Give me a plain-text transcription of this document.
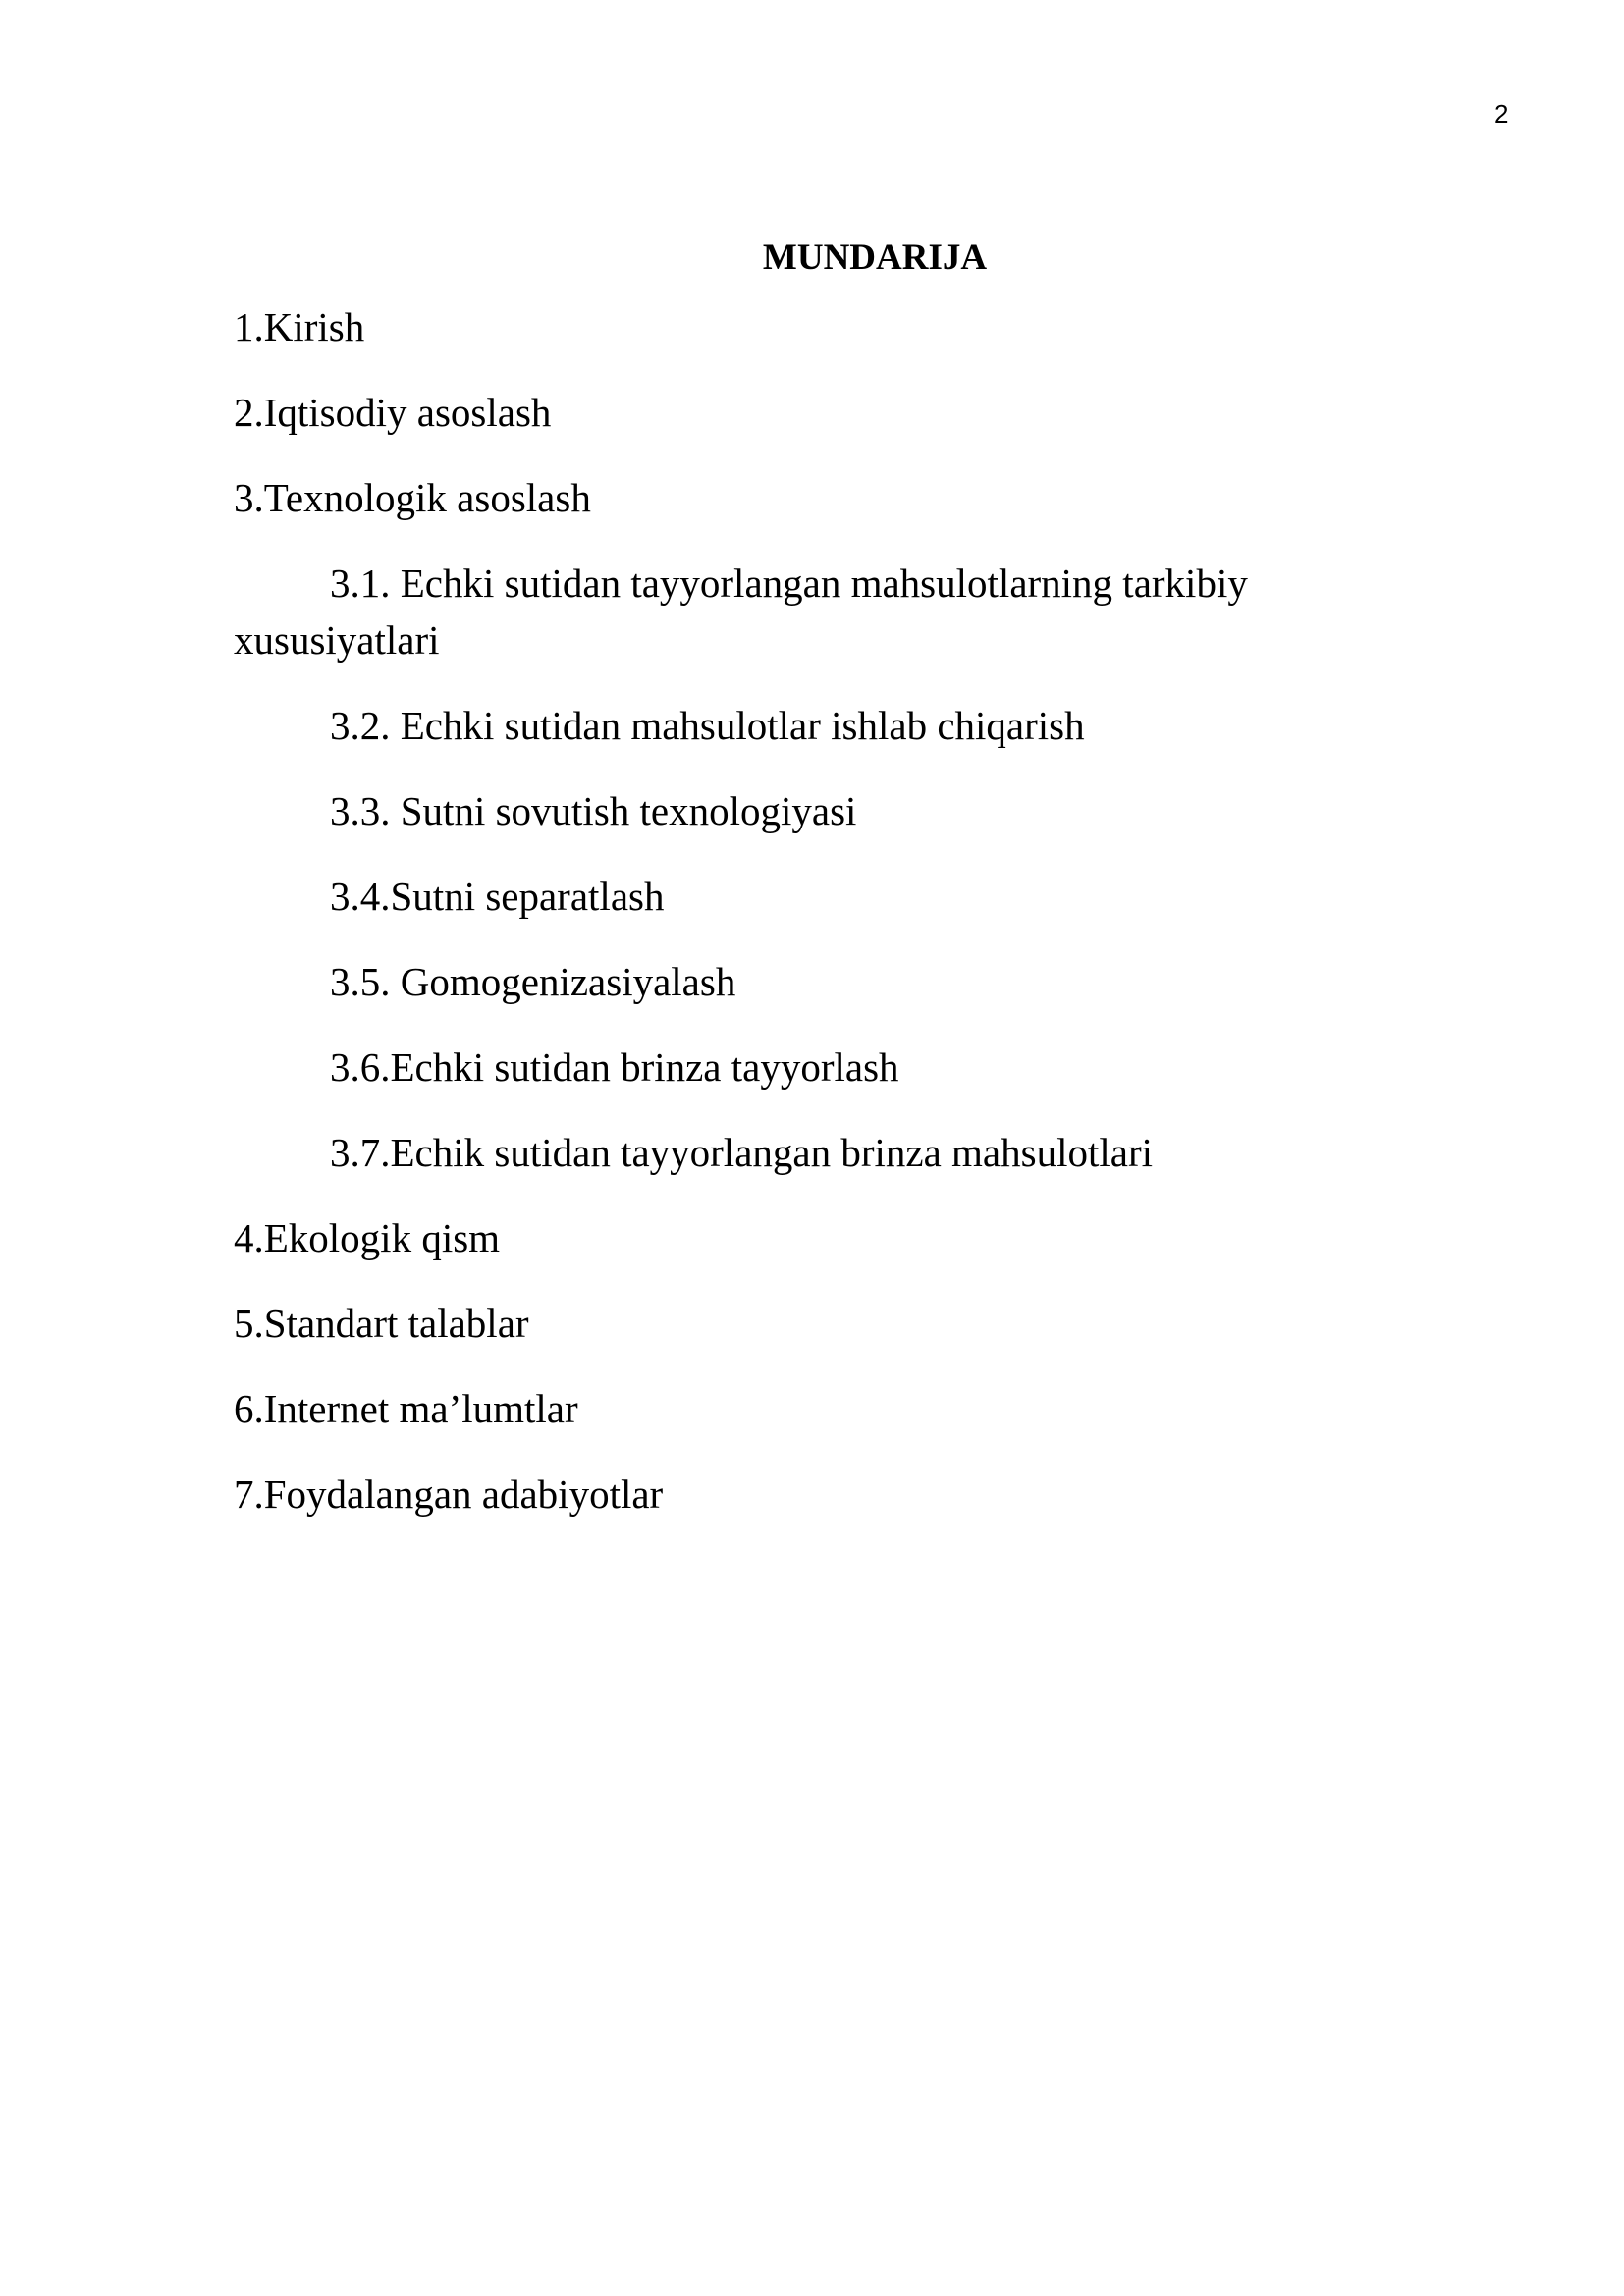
2
MUNDARIJA
1.Kirish
2.Iqtisodiy asoslash
3.Texnologik asoslash
3.1. Echki sutidan tayyorlangan mahsulotlarning tarkibiy xususiyatlari
3.2. Echki sutidan mahsulotlar ishlab chiqarish
3.3. Sutni sovutish texnologiyasi
3.4.Sutni separatlash
3.5. Gomogenizasiyalash
3.6.Echki sutidan brinza tayyorlash
3.7.Echik sutidan tayyorlangan brinza mahsulotlari
4.Ekologik qism
5.Standart talablar
6.Internet ma’lumtlar
7.Foydalangan adabiyotlar
